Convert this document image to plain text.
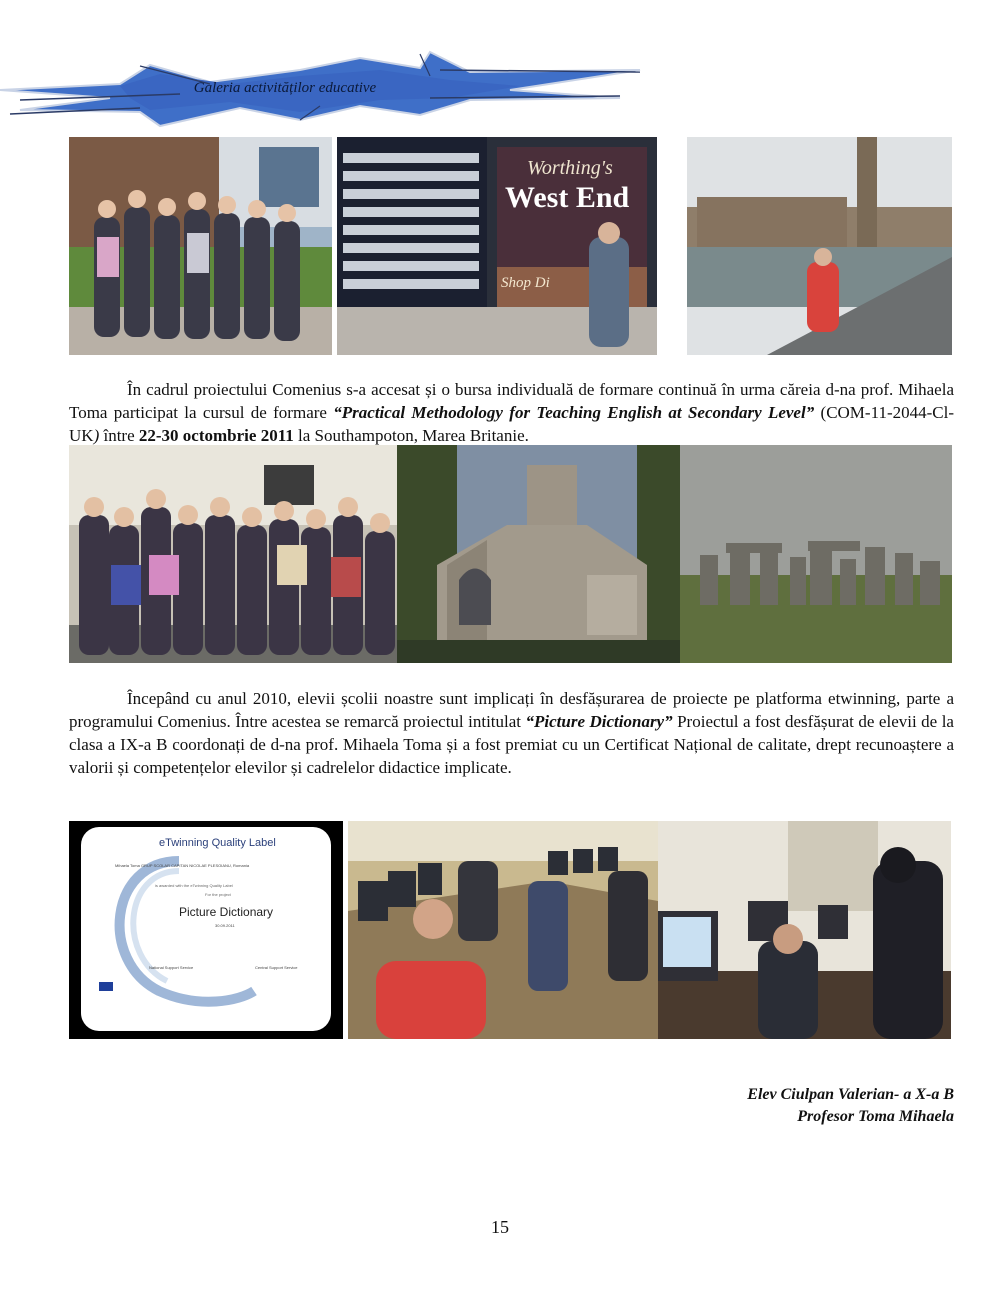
Galeria activităților educative
Worthing's
West End
Shop Di

În cadrul proiectului Comenius s-a accesat și o bursa individuală de formare continuă în urma căreia d-na prof. Mihaela Toma participat la cursul de formare “Practical Methodology for Teaching English at Secondary Level” (COM-11-2044-Cl-UK) între 22-30 octombrie 2011 la Southampoton, Marea Britanie.

Începând cu anul 2010, elevii școlii noastre sunt implicați în desfășurarea de proiecte pe platforma etwinning, parte a programului Comenius. Între acestea se remarcă proiectul intitulat “Picture Dictionary” Proiectul a fost desfășurat de elevii de la clasa a IX-a B coordonați de d-na prof. Mihaela Toma și a fost premiat cu un Certificat Național de calitate, drept recunoaștere a valorii și competențelor elevilor și cadrelelor didactice implicate.

eTwinning Quality Label
Mihaela Toma GRUP SCOLAR CAPITAN NICOLAE PLESOIANU, Romania
is awarded with the eTwinning Quality Label
For the project
Picture Dictionary
30.09.2011
National Support Service	Central Support Service
Elev Ciulpan Valerian- a X-a B
Profesor Toma Mihaela
15
